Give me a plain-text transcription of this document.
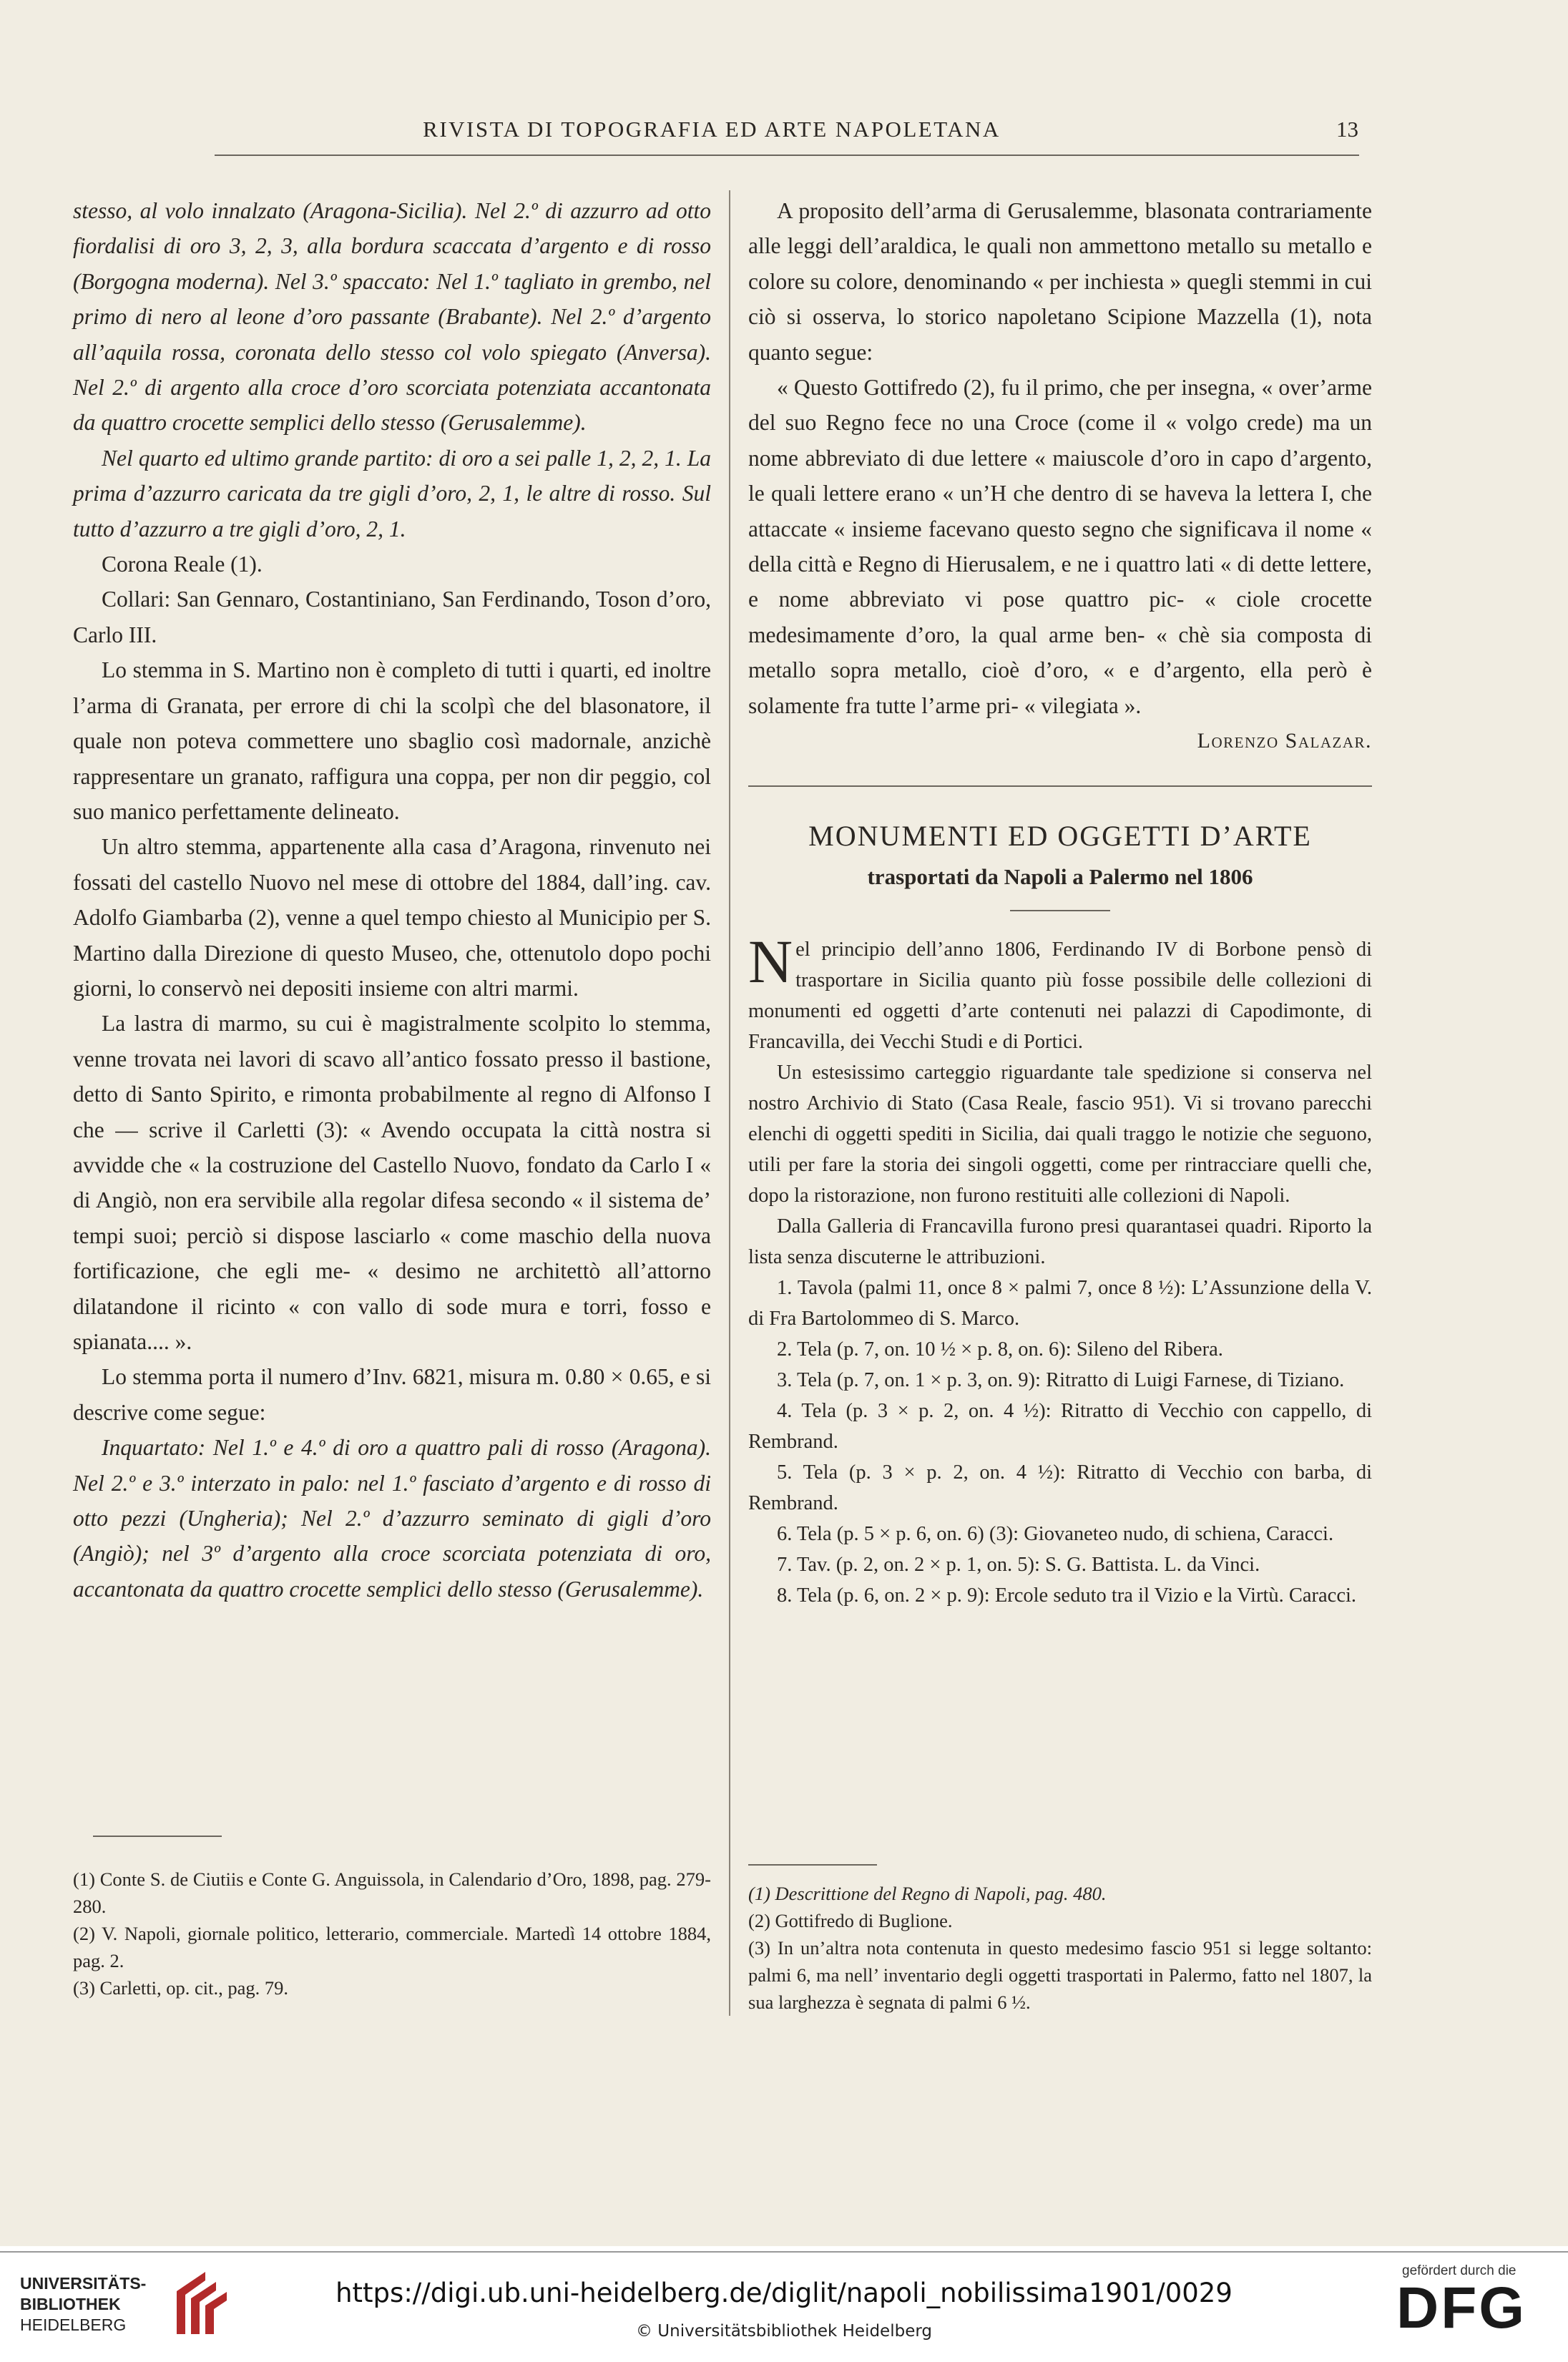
RIVISTA DI TOPOGRAFIA ED ARTE NAPOLETANA	13

stesso, al volo innalzato (Aragona-Sicilia). Nel 2.º di azzurro ad otto fiordalisi di oro 3, 2, 3, alla bordura scaccata d’argento e di rosso (Borgogna moderna). Nel 3.º spaccato: Nel 1.º tagliato in grembo, nel primo di nero al leone d’oro passante (Brabante). Nel 2.º d’argento all’aquila rossa, coronata dello stesso col volo spiegato (Anversa). Nel 2.º di argento alla croce d’oro scorciata potenziata accantonata da quattro crocette semplici dello stesso (Gerusalemme).

Nel quarto ed ultimo grande partito: di oro a sei palle 1, 2, 2, 1. La prima d’azzurro caricata da tre gigli d’oro, 2, 1, le altre di rosso. Sul tutto d’azzurro a tre gigli d’oro, 2, 1.

Corona Reale (1).

Collari: San Gennaro, Costantiniano, San Ferdinando, Toson d’oro, Carlo III.

Lo stemma in S. Martino non è completo di tutti i quarti, ed inoltre l’arma di Granata, per errore di chi la scolpì che del blasonatore, il quale non poteva commettere uno sbaglio così madornale, anzichè rappresentare un granato, raffigura una coppa, per non dir peggio, col suo manico perfettamente delineato.

Un altro stemma, appartenente alla casa d’Aragona, rinvenuto nei fossati del castello Nuovo nel mese di ottobre del 1884, dall’ing. cav. Adolfo Giambarba (2), venne a quel tempo chiesto al Municipio per S. Martino dalla Direzione di questo Museo, che, ottenutolo dopo pochi giorni, lo conservò nei depositi insieme con altri marmi.

La lastra di marmo, su cui è magistralmente scolpito lo stemma, venne trovata nei lavori di scavo all’antico fossato presso il bastione, detto di Santo Spirito, e rimonta probabilmente al regno di Alfonso I che — scrive il Carletti (3): « Avendo occupata la città nostra si avvidde che « la costruzione del Castello Nuovo, fondato da Carlo I « di Angiò, non era servibile alla regolar difesa secondo « il sistema de’ tempi suoi; perciò si dispose lasciarlo « come maschio della nuova fortificazione, che egli me- « desimo ne architettò all’attorno dilatandone il ricinto « con vallo di sode mura e torri, fosso e spianata.... ».

Lo stemma porta il numero d’Inv. 6821, misura m. 0.80 × 0.65, e si descrive come segue:

Inquartato: Nel 1.º e 4.º di oro a quattro pali di rosso (Aragona). Nel 2.º e 3.º interzato in palo: nel 1.º fasciato d’argento e di rosso di otto pezzi (Ungheria); Nel 2.º d’azzurro seminato di gigli d’oro (Angiò); nel 3º d’argento alla croce scorciata potenziata di oro, accantonata da quattro crocette semplici dello stesso (Gerusalemme).

(1) Conte S. de Ciutiis e Conte G. Anguissola, in Calendario d’Oro, 1898, pag. 279-280.

(2) V. Napoli, giornale politico, letterario, commerciale. Martedì 14 ottobre 1884, pag. 2.

(3) Carletti, op. cit., pag. 79.

A proposito dell’arma di Gerusalemme, blasonata contrariamente alle leggi dell’araldica, le quali non ammettono metallo su metallo e colore su colore, denominando « per inchiesta » quegli stemmi in cui ciò si osserva, lo storico napoletano Scipione Mazzella (1), nota quanto segue:

« Questo Gottifredo (2), fu il primo, che per insegna, « over’arme del suo Regno fece no una Croce (come il « volgo crede) ma un nome abbreviato di due lettere « maiuscole d’oro in capo d’argento, le quali lettere erano « un’H che dentro di se haveva la lettera I, che attaccate « insieme facevano questo segno che significava il nome « della città e Regno di Hierusalem, e ne i quattro lati « di dette lettere, e nome abbreviato vi pose quattro pic- « ciole crocette medesimamente d’oro, la qual arme ben- « chè sia composta di metallo sopra metallo, cioè d’oro, « e d’argento, ella però è solamente fra tutte l’arme pri- « vilegiata ».

Lorenzo Salazar.
MONUMENTI ED OGGETTI D’ARTE
trasportati da Napoli a Palermo nel 1806

Nel principio dell’anno 1806, Ferdinando IV di Borbone pensò di trasportare in Sicilia quanto più fosse possibile delle collezioni di monumenti ed oggetti d’arte contenuti nei palazzi di Capodimonte, di Francavilla, dei Vecchi Studi e di Portici.

Un estesissimo carteggio riguardante tale spedizione si conserva nel nostro Archivio di Stato (Casa Reale, fascio 951). Vi si trovano parecchi elenchi di oggetti spediti in Sicilia, dai quali traggo le notizie che seguono, utili per fare la storia dei singoli oggetti, come per rintracciare quelli che, dopo la ristorazione, non furono restituiti alle collezioni di Napoli.

Dalla Galleria di Francavilla furono presi quarantasei quadri. Riporto la lista senza discuterne le attribuzioni.

1. Tavola (palmi 11, once 8 × palmi 7, once 8 ½): L’Assunzione della V. di Fra Bartolommeo di S. Marco.

2. Tela (p. 7, on. 10 ½ × p. 8, on. 6): Sileno del Ribera.

3. Tela (p. 7, on. 1 × p. 3, on. 9): Ritratto di Luigi Farnese, di Tiziano.

4. Tela (p. 3 × p. 2, on. 4 ½): Ritratto di Vecchio con cappello, di Rembrand.

5. Tela (p. 3 × p. 2, on. 4 ½): Ritratto di Vecchio con barba, di Rembrand.

6. Tela (p. 5 × p. 6, on. 6) (3): Giovaneteo nudo, di schiena, Caracci.

7. Tav. (p. 2, on. 2 × p. 1, on. 5): S. G. Battista. L. da Vinci.

8. Tela (p. 6, on. 2 × p. 9): Ercole seduto tra il Vizio e la Virtù. Caracci.

(1) Descrittione del Regno di Napoli, pag. 480.

(2) Gottifredo di Buglione.

(3) In un’altra nota contenuta in questo medesimo fascio 951 si legge soltanto: palmi 6, ma nell’ inventario degli oggetti trasportati in Palermo, fatto nel 1807, la sua larghezza è segnata di palmi 6 ½.

UNIVERSITÄTS-
BIBLIOTHEK
HEIDELBERG
https://digi.ub.uni-heidelberg.de/diglit/napoli_nobilissima1901/0029
© Universitätsbibliothek Heidelberg
gefördert durch die
DFG
